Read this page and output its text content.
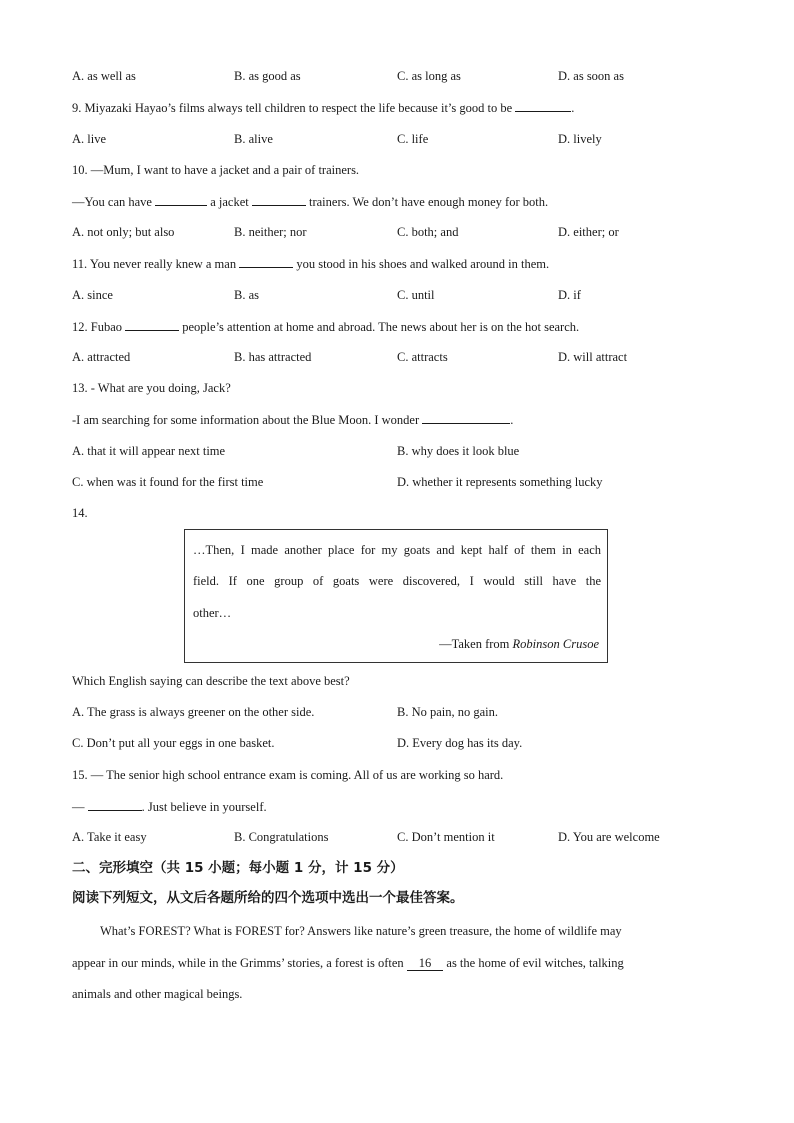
A. as well as	B. as good as	C. as long as	D. as soon as
9. Miyazaki Hayao’s films always tell children to respect the life because it’s good to be	.
A. live	B. alive	C. life	D. lively
10. —Mum, I want to have a jacket and a pair of trainers.
—You can have	a jacket	trainers. We don’t have enough money for both.
A. not only; but also	B. neither; nor	C. both; and	D. either; or
11. You never really knew a man	you stood in his shoes and walked around in them.
A. since	B. as	C. until	D. if
12. Fubao	people’s attention at home and abroad. The news about her is on the hot search.
A. attracted	B. has attracted	C. attracts	D. will attract
13. - What are you doing, Jack?
-I am searching for some information about the Blue Moon. I wonder	.
A. that it will appear next time	B. why does it look blue
C. when was it found for the first time	D. whether it represents something lucky
14.
…Then, I made another place for my goats and kept half of them in each
field. If one group of goats were discovered, I would still have the
other…
—Taken from Robinson Crusoe
Which English saying can describe the text above best?
A. The grass is always greener on the other side.	B. No pain, no gain.
C. Don’t put all your eggs in one basket.	D. Every dog has its day.
15. — The senior high school entrance exam is coming. All of us are working so hard.
—	. Just believe in yourself.
A. Take it easy	B. Congratulations	C. Don’t mention it	D. You are welcome
二、完形填空（共 15 小题；每小题 1 分，计 15 分）
阅读下列短文，从文后各题所给的四个选项中选出一个最佳答案。
What’s FOREST? What is FOREST for? Answers like nature’s green treasure, the home of wildlife may
appear in our minds, while in the Grimms’ stories, a forest is often 16 as the home of evil witches, talking
animals and other magical beings.
